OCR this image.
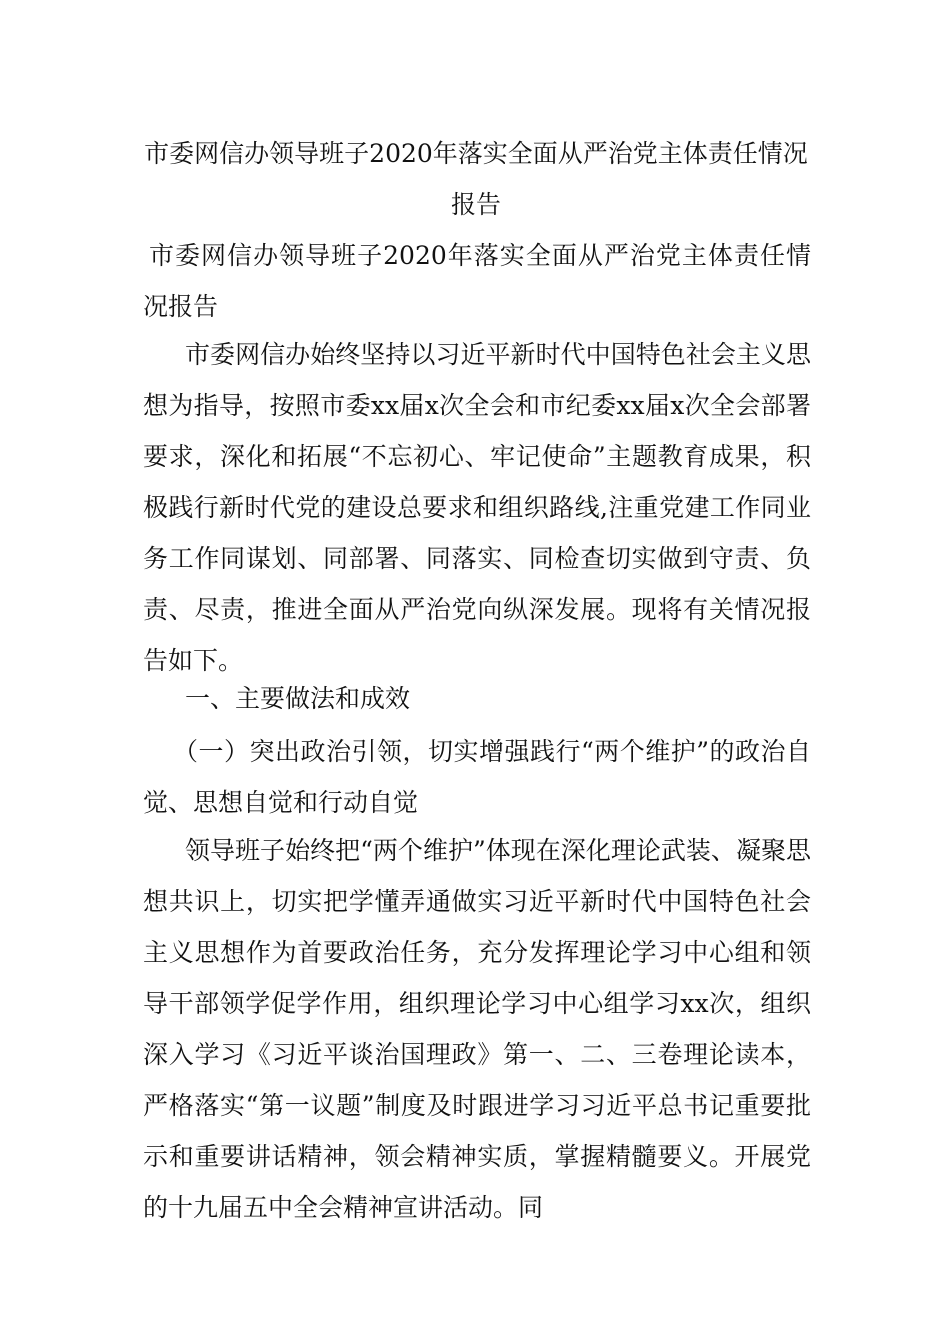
市委网信办领导班子2020年落实全面从严治党主体责任情况报告

市委网信办领导班子2020年落实全面从严治党主体责任情况报告

市委网信办始终坚持以习近平新时代中国特色社会主义思想为指导，按照市委xx届x次全会和市纪委xx届x次全会部署要求，深化和拓展“不忘初心、牢记使命”主题教育成果，积极践行新时代党的建设总要求和组织路线,注重党建工作同业务工作同谋划、同部署、同落实、同检查切实做到守责、负责、尽责，推进全面从严治党向纵深发展。现将有关情况报告如下。

一、主要做法和成效

（一）突出政治引领，切实增强践行“两个维护”的政治自觉、思想自觉和行动自觉

领导班子始终把“两个维护”体现在深化理论武装、凝聚思想共识上，切实把学懂弄通做实习近平新时代中国特色社会主义思想作为首要政治任务，充分发挥理论学习中心组和领导干部领学促学作用，组织理论学习中心组学习xx次，组织深入学习《习近平谈治国理政》第一、二、三卷理论读本，严格落实“第一议题”制度及时跟进学习习近平总书记重要批示和重要讲话精神，领会精神实质，掌握精髓要义。开展党的十九届五中全会精神宣讲活动。同
